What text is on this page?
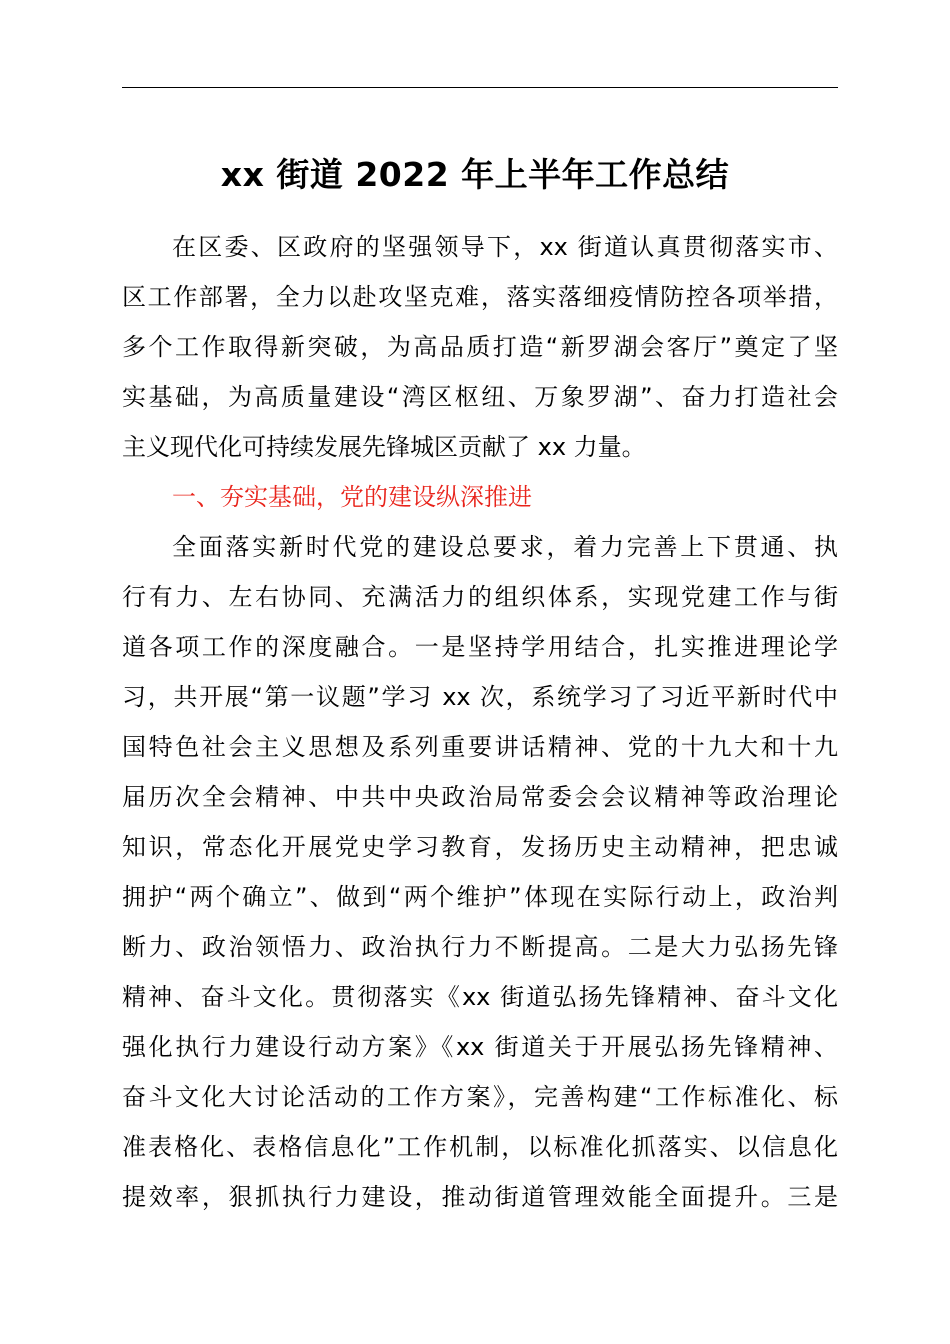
xx 街道 2022 年上半年工作总结
在区委、区政府的坚强领导下，xx 街道认真贯彻落实市、
区工作部署，全力以赴攻坚克难，落实落细疫情防控各项举措，
多个工作取得新突破，为高品质打造“新罗湖会客厅”奠定了坚
实基础，为高质量建设“湾区枢纽、万象罗湖”、奋力打造社会
主义现代化可持续发展先锋城区贡献了 xx 力量。
一、夯实基础，党的建设纵深推进
全面落实新时代党的建设总要求，着力完善上下贯通、执
行有力、左右协同、充满活力的组织体系，实现党建工作与街
道各项工作的深度融合。一是坚持学用结合，扎实推进理论学
习，共开展“第一议题”学习 xx 次，系统学习了习近平新时代中
国特色社会主义思想及系列重要讲话精神、党的十九大和十九
届历次全会精神、中共中央政治局常委会会议精神等政治理论
知识，常态化开展党史学习教育，发扬历史主动精神，把忠诚
拥护“两个确立”、做到“两个维护”体现在实际行动上，政治判
断力、政治领悟力、政治执行力不断提高。二是大力弘扬先锋
精神、奋斗文化。贯彻落实《xx 街道弘扬先锋精神、奋斗文化
强化执行力建设行动方案》《xx 街道关于开展弘扬先锋精神、
奋斗文化大讨论活动的工作方案》，完善构建“工作标准化、标
准表格化、表格信息化”工作机制，以标准化抓落实、以信息化
提效率，狠抓执行力建设，推动街道管理效能全面提升。三是
